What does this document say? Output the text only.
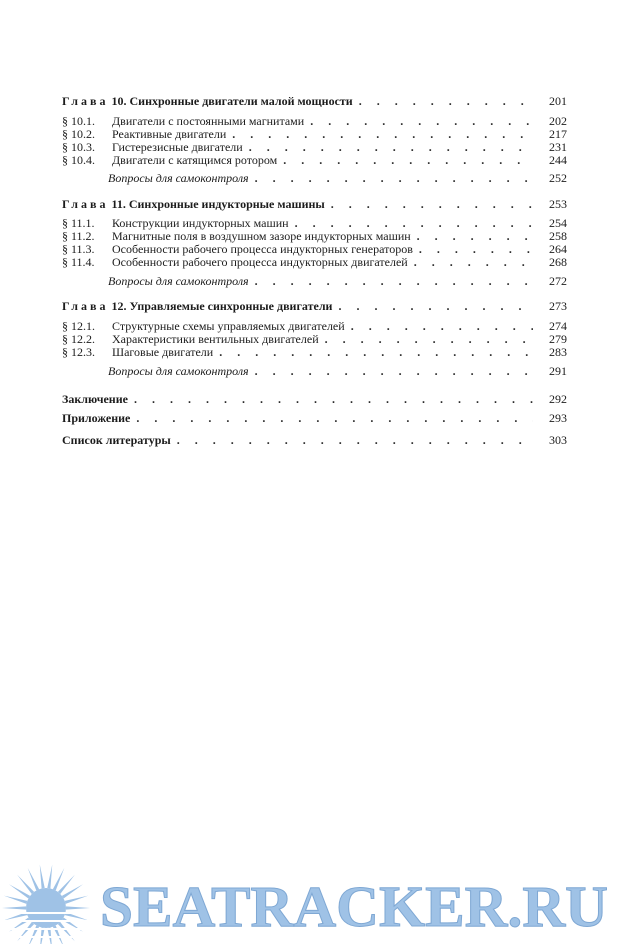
Глава 10. Синхронные двигатели малой мощности . . .	201
§ 10.1. Двигатели с постоянными магнитами . . .	202
§ 10.2. Реактивные двигатели . . .	217
§ 10.3. Гистерезисные двигатели . . .	231
§ 10.4. Двигатели с катящимся ротором . . .	244
Вопросы для самоконтроля . . .	252
Глава 11. Синхронные индукторные машины . . .	253
§ 11.1. Конструкции индукторных машин . . .	254
§ 11.2. Магнитные поля в воздушном зазоре индукторных машин . . .	258
§ 11.3. Особенности рабочего процесса индукторных генераторов . . .	264
§ 11.4. Особенности рабочего процесса индукторных двигателей . . .	268
Вопросы для самоконтроля . . .	272
Глава 12. Управляемые синхронные двигатели . . .	273
§ 12.1. Структурные схемы управляемых двигателей . . .	274
§ 12.2. Характеристики вентильных двигателей . . .	279
§ 12.3. Шаговые двигатели . . .	283
Вопросы для самоконтроля . . .	291
Заключение . . .	292
Приложение . . .	293
Список литературы . . .	303
SEATRACKER.RU
